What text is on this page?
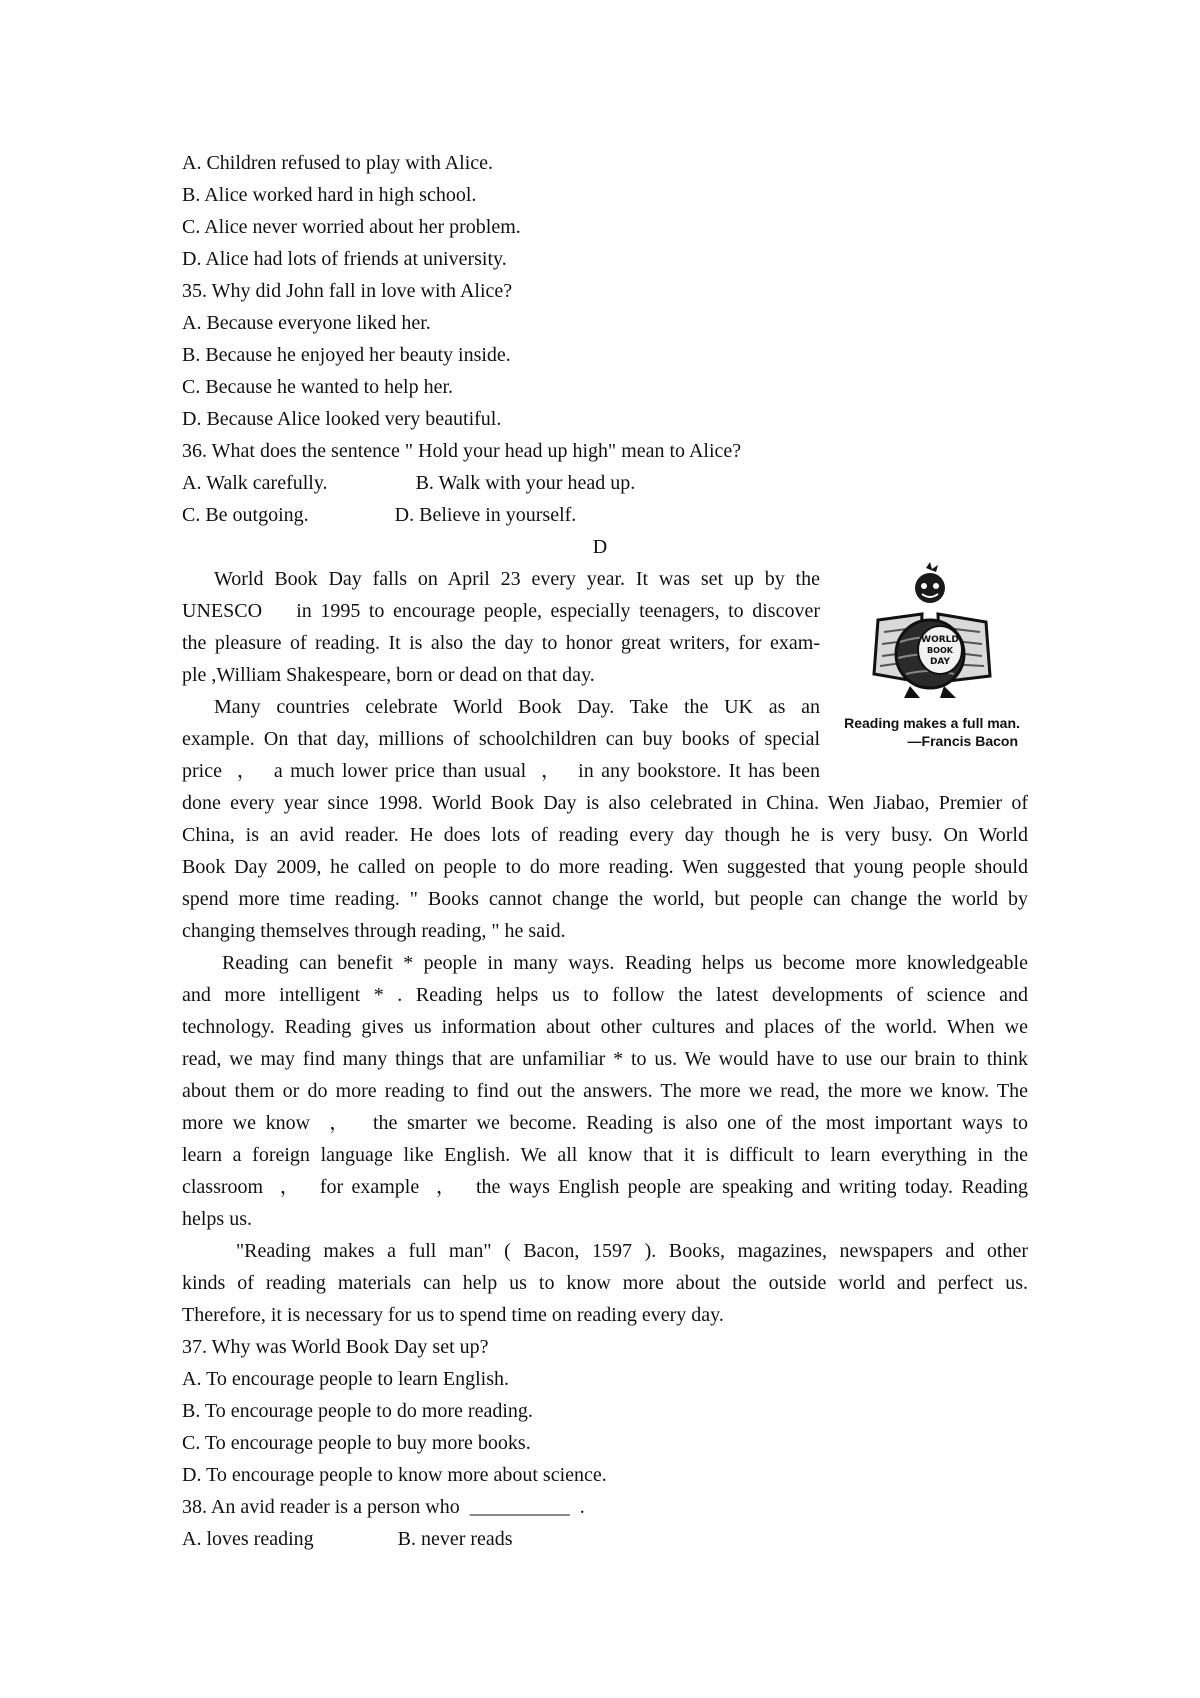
A. Children refused to play with Alice.
B. Alice worked hard in high school.
C. Alice never worried about her problem.
D. Alice had lots of friends at university.
35. Why did John fall in love with Alice?
A. Because everyone liked her.
B. Because he enjoyed her beauty inside.
C. Because he wanted to help her.
D. Because Alice looked very beautiful.
36. What does the sentence " Hold your head up high" mean to Alice?
A. Walk carefully.	B. Walk with your head up.
C. Be outgoing.	D. Believe in yourself.
D
World Book Day falls on April 23 every year. It was set up by the
UNESCO    in 1995 to encourage people, especially teenagers, to discover
the pleasure of reading. It is also the day to honor great writers, for exam-
ple ,William Shakespeare, born or dead on that day.
Many countries celebrate World Book Day. Take the UK as an
example. On that day, millions of schoolchildren can buy books of special
price  ，  a much lower price than usual  ，  in any bookstore. It has been
done every year since 1998. World Book Day is also celebrated in China. Wen Jiabao, Premier of
China, is an avid reader. He does lots of reading every day though he is very busy. On World
Book Day 2009, he called on people to do more reading. Wen suggested that young people should
spend more time reading. " Books cannot change the world, but people can change the world by
changing themselves through reading, " he said.
Reading can benefit * people in many ways. Reading helps us become more knowledgeable
and more intelligent * . Reading helps us to follow the latest developments of science and
technology. Reading gives us information about other cultures and places of the world. When we
read, we may find many things that are unfamiliar * to us. We would have to use our brain to think
about them or do more reading to find out the answers. The more we read, the more we know. The
more we know  ，  the smarter we become. Reading is also one of the most important ways to
learn a foreign language like English. We all know that it is difficult to learn everything in the
classroom  ，  for example  ，  the ways English people are speaking and writing today. Reading
helps us.
"Reading makes a full man" ( Bacon, 1597 ). Books, magazines, newspapers and other
kinds of reading materials can help us to know more about the outside world and perfect us.
Therefore, it is necessary for us to spend time on reading every day.
37. Why was World Book Day set up?
A. To encourage people to learn English.
B. To encourage people to do more reading.
C. To encourage people to buy more books.
D. To encourage people to know more about science.
38. An avid reader is a person who  __________  .
A. loves reading	B. never reads
WORLD
BOOK
DAY
Reading makes a full man.
—Francis Bacon
